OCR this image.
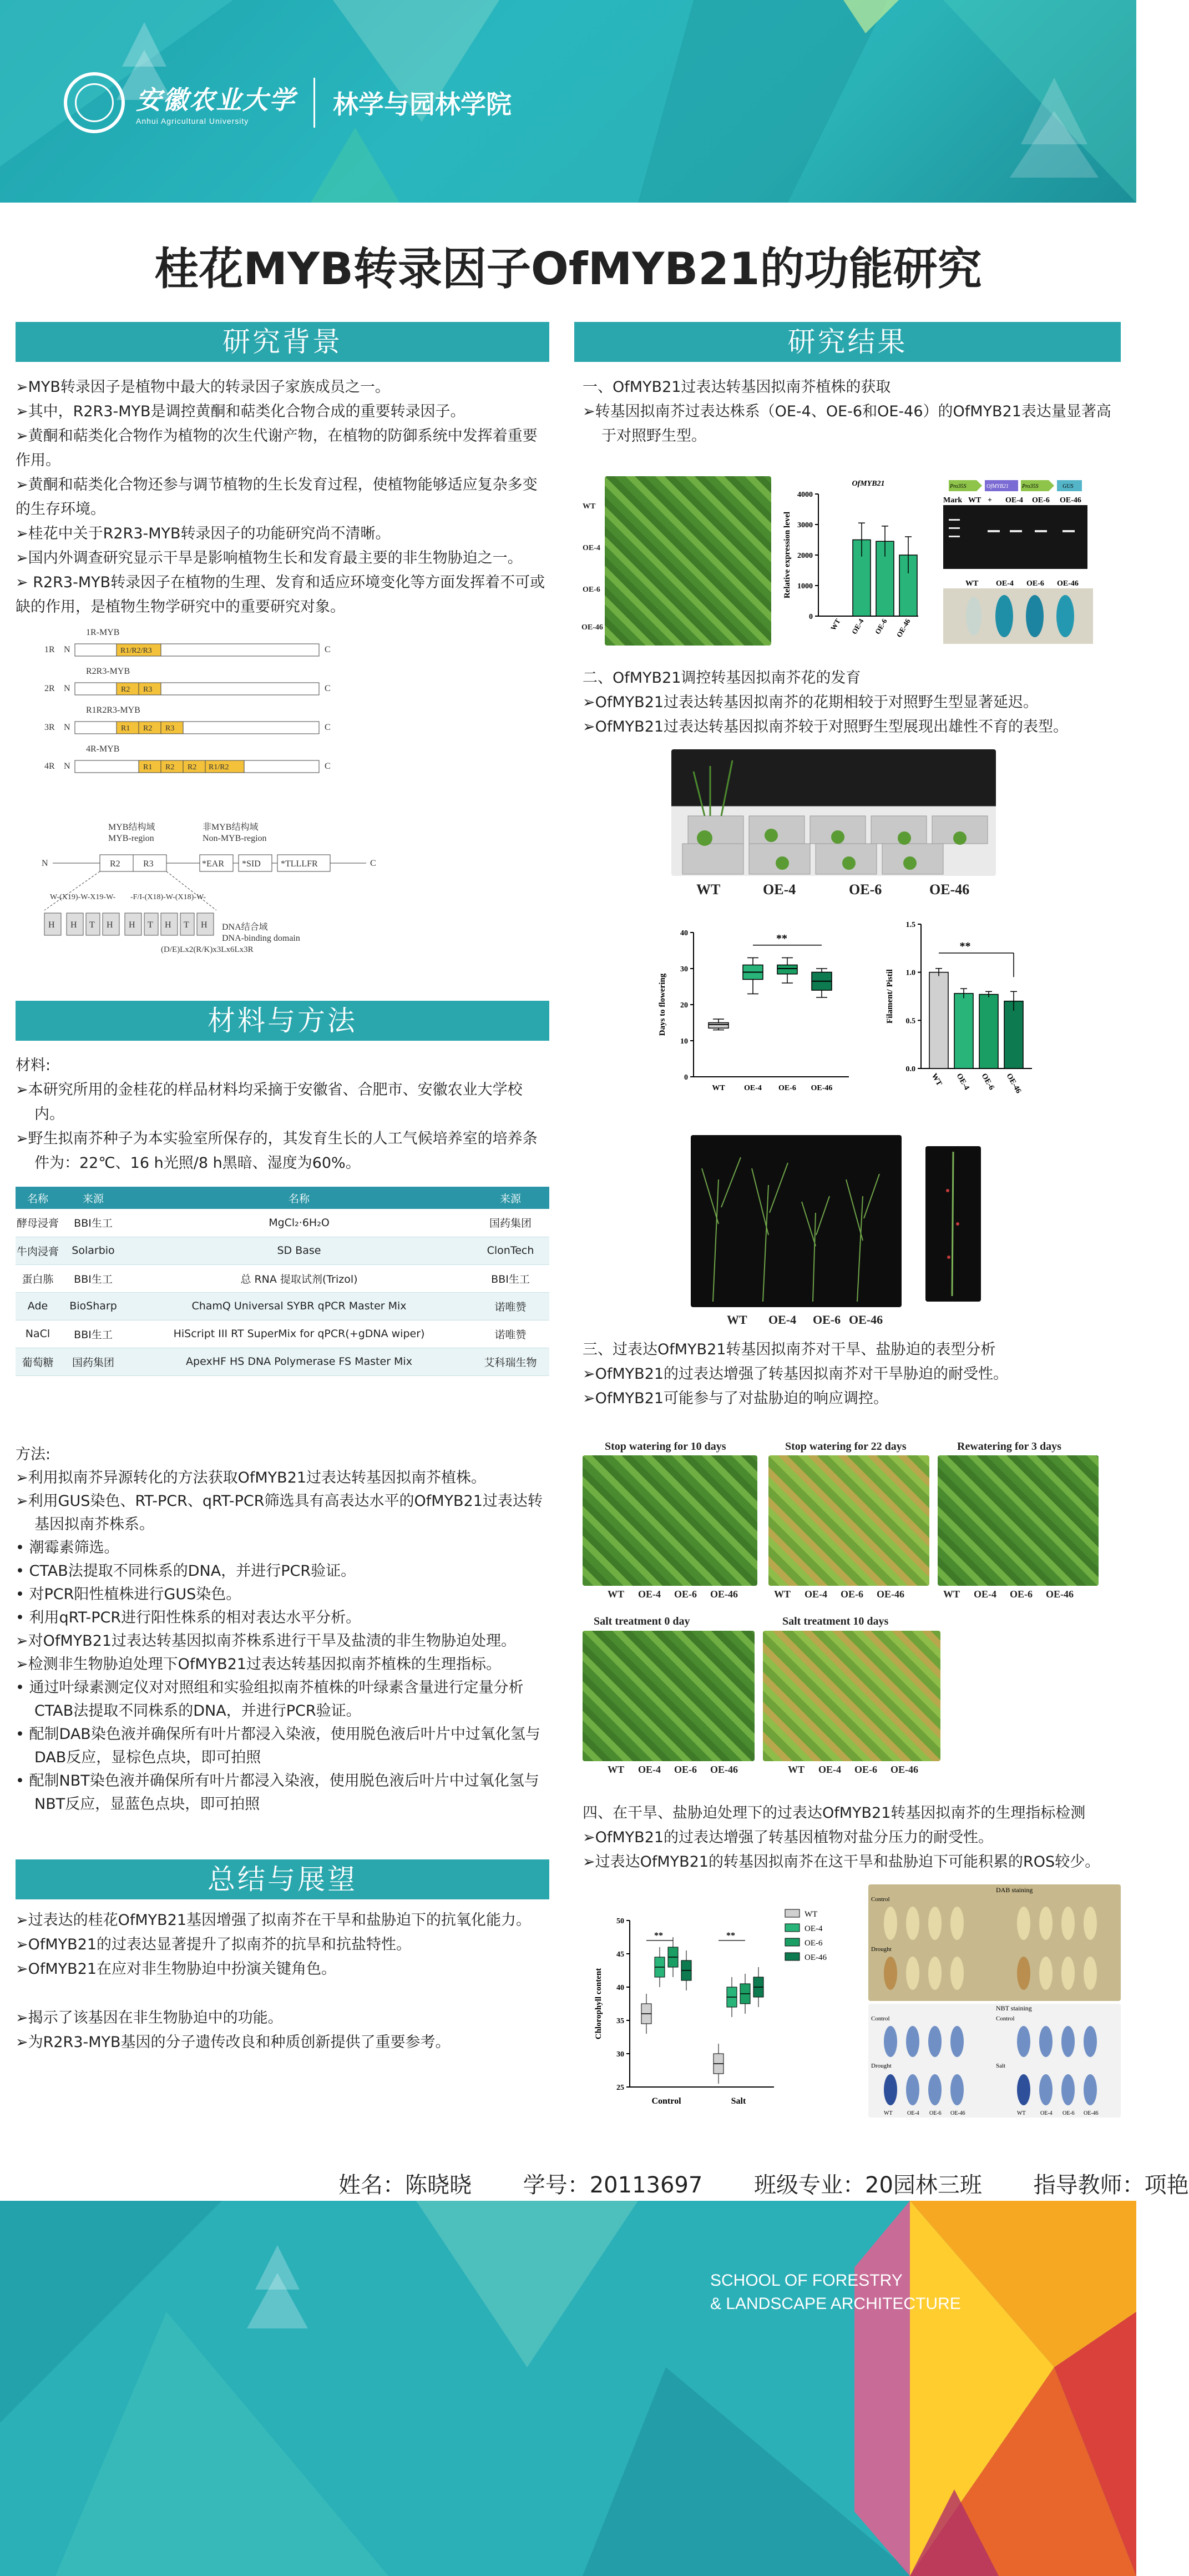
安徽农业大学
Anhui Agricultural University
林学与园林学院
桂花MYB转录因子OfMYB21的功能研究
研究背景

➢MYB转录因子是植物中最大的转录因子家族成员之一。

➢其中，R2R3-MYB是调控黄酮和萜类化合物合成的重要转录因子。

➢黄酮和萜类化合物作为植物的次生代谢产物，在植物的防御系统中发挥着重要作用。

➢黄酮和萜类化合物还参与调节植物的生长发育过程，使植物能够适应复杂多变的生存环境。

➢桂花中关于R2R3-MYB转录因子的功能研究尚不清晰。

➢国内外调查研究显示干旱是影响植物生长和发育最主要的非生物胁迫之一。

➢ R2R3-MYB转录因子在植物的生理、发育和适应环境变化等方面发挥着不可或缺的作用，是植物生物学研究中的重要研究对象。

1R-MYB
1R N	R1/R2/R3	C
R2R3-MYB
2R N	R2 R3	C
R1R2R3-MYB
3R N	R1 R2 R3	C
4R-MYB
4R N	R1 R2 R2 R1/R2	C
MYB结构域
MYB-region
非MYB结构域
Non-MYB-region
N	C
R2	R3	*EAR *SID *TLLLFR
W-(X19)-W-X19-W- -F/I-(X18)-W-(X18)-W-
H H T H H T H T H DNA结合域
DNA-binding domain
(D/E)Lx2(R/K)x3Lx6Lx3R
材料与方法

材料:

➢本研究所用的金桂花的样品材料均采摘于安徽省、合肥市、安徽农业大学校内。

➢野生拟南芥种子为本实验室所保存的，其发育生长的人工气候培养室的培养条件为：22℃、16 h光照/8 h黑暗、湿度为60%。

名称	来源	名称	来源
酵母浸膏	BBI生工	MgCl₂·6H₂O	国药集团
牛肉浸膏	Solarbio	SD Base	ClonTech
蛋白胨	BBI生工	总 RNA 提取试剂(Trizol)	BBI生工
Ade	BioSharp	ChamQ Universal SYBR qPCR Master Mix	诺唯赞
NaCl	BBI生工	HiScript III RT SuperMix for qPCR(+gDNA wiper)	诺唯赞
葡萄糖	国药集团	ApexHF HS DNA Polymerase FS Master Mix	艾科瑞生物

方法:

➢利用拟南芥异源转化的方法获取OfMYB21过表达转基因拟南芥植株。

➢利用GUS染色、RT-PCR、qRT-PCR筛选具有高表达水平的OfMYB21过表达转基因拟南芥株系。

• 潮霉素筛选。

• CTAB法提取不同株系的DNA，并进行PCR验证。

• 对PCR阳性植株进行GUS染色。

• 利用qRT-PCR进行阳性株系的相对表达水平分析。

➢对OfMYB21过表达转基因拟南芥株系进行干旱及盐渍的非生物胁迫处理。

➢检测非生物胁迫处理下OfMYB21过表达转基因拟南芥植株的生理指标。

• 通过叶绿素测定仪对对照组和实验组拟南芥植株的叶绿素含量进行定量分析CTAB法提取不同株系的DNA，并进行PCR验证。

• 配制DAB染色液并确保所有叶片都浸入染液，使用脱色液后叶片中过氧化氢与DAB反应，显棕色点块，即可拍照

• 配制NBT染色液并确保所有叶片都浸入染液，使用脱色液后叶片中过氧化氢与NBT反应，显蓝色点块，即可拍照

总结与展望

➢过表达的桂花OfMYB21基因增强了拟南芥在干旱和盐胁迫下的抗氧化能力。

➢OfMYB21的过表达显著提升了拟南芥的抗旱和抗盐特性。

➢OfMYB21在应对非生物胁迫中扮演关键角色。

➢揭示了该基因在非生物胁迫中的功能。

➢为R2R3-MYB基因的分子遗传改良和种质创新提供了重要参考。

研究结果

一、OfMYB21过表达转基因拟南芥植株的获取

➢转基因拟南芥过表达株系（OE-4、OE-6和OE-46）的OfMYB21表达量显著高于对照野生型。

WT
OE-4
OE-6
OE-46
OfMYB21
0
1000
2000
3000
4000
Relative expression level
WT OE-4 OE-6 OE-46
Pro35S	OfMYB21 Pro35S	GUS
Mark WT + OE-4 OE-6 OE-46
WT OE-4 OE-6 OE-46

二、OfMYB21调控转基因拟南芥花的发育

➢OfMYB21过表达转基因拟南芥的花期相较于对照野生型显著延迟。

➢OfMYB21过表达转基因拟南芥较于对照野生型展现出雄性不育的表型。

WT	OE-4	OE-6	OE-46
0
10
20
30
40
Days to flowering
WT OE-4 OE-6 OE-46
**
0.0
0.5
1.0
1.5
Filament/ Pistil
WT OE-4 OE-6 OE-46
**
WT OE-4 OE-6 OE-46

三、过表达OfMYB21转基因拟南芥对干旱、盐胁迫的表型分析

➢OfMYB21的过表达增强了转基因拟南芥对干旱胁迫的耐受性。

➢OfMYB21可能参与了对盐胁迫的响应调控。

Stop watering for 10 days	Stop watering for 22 days	Rewatering for 3 days
WT OE-4 OE-6 OE-46	WT OE-4 OE-6 OE-46	WT OE-4 OE-6 OE-46
Salt treatment 0 day	Salt treatment 10 days
WT OE-4 OE-6 OE-46	WT OE-4 OE-6 OE-46

四、在干旱、盐胁迫处理下的过表达OfMYB21转基因拟南芥的生理指标检测

➢OfMYB21的过表达增强了转基因植物对盐分压力的耐受性。

➢过表达OfMYB21的转基因拟南芥在这干旱和盐胁迫下可能积累的ROS较少。

25
30
35
40
45
50
Chlorophyll content
Control
**
Salt
**
WT
OE-4
OE-6
OE-46
DAB staining
Control
Drought
NBT staining
Control
Drought
Control
Salt
WT	OE-4 OE-6 OE-46	WT	OE-4 OE-6 OE-46
姓名：陈晓晓 学号：20113697 班级专业：20园林三班 指导教师：项艳
SCHOOL OF FORESTRY
& LANDSCAPE ARCHITECTURE
